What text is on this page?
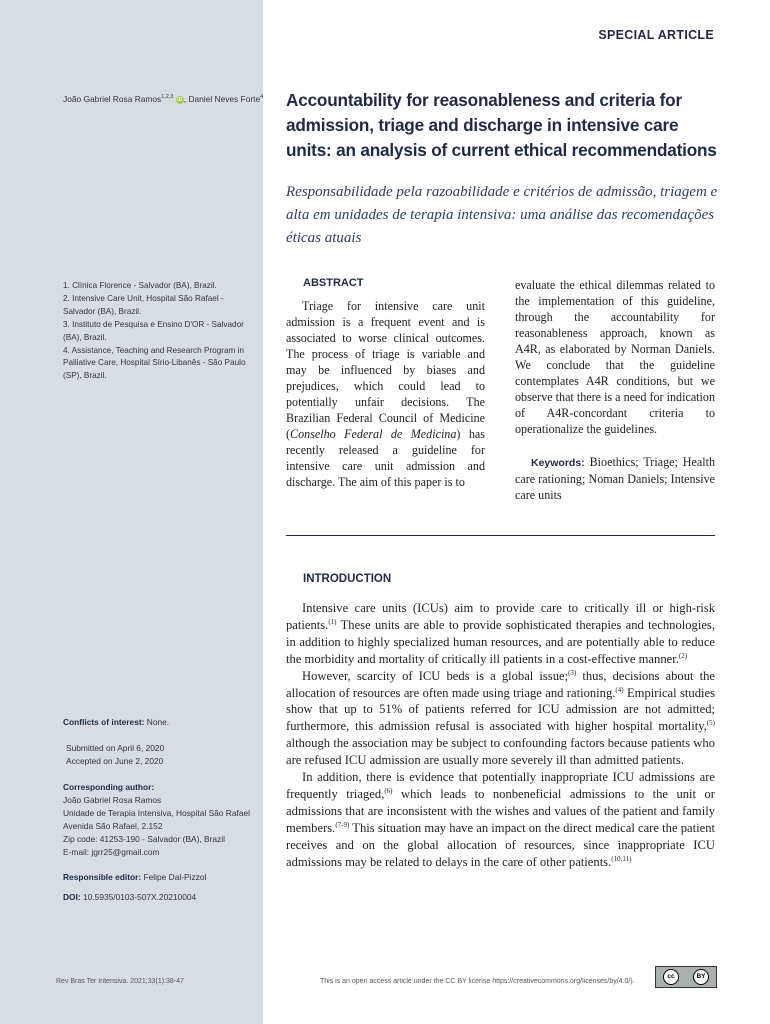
SPECIAL ARTICLE
João Gabriel Rosa Ramos$^{1,2,3}$ iD , Daniel Neves Forte$^4$ Accountability for reasonableness and criteria for admission, triage and discharge in intensive care units: an analysis of current ethical recommendations
Responsabilidade pela razoabilidade e critérios de admissão, triagem e alta em unidades de terapia intensiva: uma análise das recomendações éticas atuais
1. Clínica Florence - Salvador (BA), Brazil.
2. Intensive Care Unit, Hospital São Rafael - Salvador (BA), Brazil.
3. Instituto de Pesquisa e Ensino D'OR - Salvador (BA), Brazil.
4. Assistance, Teaching and Research Program in Palliative Care, Hospital Sírio-Libanês - São Paulo (SP), Brazil.
ABSTRACT
Triage for intensive care unit admission is a frequent event and is associated to worse clinical outcomes. The process of triage is variable and may be influenced by biases and prejudices, which could lead to potentially unfair decisions. The Brazilian Federal Council of Medicine (Conselho Federal de Medicina) has recently released a guideline for intensive care unit admission and discharge. The aim of this paper is to
evaluate the ethical dilemmas related to the implementation of this guideline, through the accountability for reasonableness approach, known as A4R, as elaborated by Norman Daniels. We conclude that the guideline contemplates A4R conditions, but we observe that there is a need for indication of A4R-concordant criteria to operationalize the guidelines.
Keywords: Bioethics; Triage; Health care rationing; Noman Daniels; Intensive care units
INTRODUCTION

Intensive care units (ICUs) aim to provide care to critically ill or high-risk patients.$^{(1)}$ These units are able to provide sophisticated therapies and technologies, in addition to highly specialized human resources, and are potentially able to reduce the morbidity and mortality of critically ill patients in a cost-effective manner.$^{(2)}$

However, scarcity of ICU beds is a global issue;$^{(3)}$ thus, decisions about the allocation of resources are often made using triage and rationing.$^{(4)}$ Empirical studies show that up to 51% of patients referred for ICU admission are not admitted; furthermore, this admission refusal is associated with higher hospital mortality,$^{(5)}$ although the association may be subject to confounding factors because patients who are refused ICU admission are usually more severely ill than admitted patients.

In addition, there is evidence that potentially inappropriate ICU admissions are frequently triaged,$^{(6)}$ which leads to nonbeneficial admissions to the unit or admissions that are inconsistent with the wishes and values of the patient and family members.$^{(7-9)}$ This situation may have an impact on the direct medical care the patient receives and on the global allocation of resources, since inappropriate ICU admissions may be related to delays in the care of other patients.$^{(10,11)}$

Conflicts of interest: None.
Submitted on April 6, 2020
Accepted on June 2, 2020
Corresponding author:
João Gabriel Rosa Ramos
Unidade de Terapia Intensiva, Hospital São Rafael
Avenida São Rafael, 2.152
Zip code: 41253-190 - Salvador (BA), Brazil
E-mail: jgrr25@gmail.com
Responsible editor: Felipe Dal-Pizzol
DOI: 10.5935/0103-507X.20210004
Rev Bras Ter Intensiva. 2021;33(1):38-47	This is an open access article under the CC BY license https://creativecommons.org/licenses/by/4.0/).
cc	BY
